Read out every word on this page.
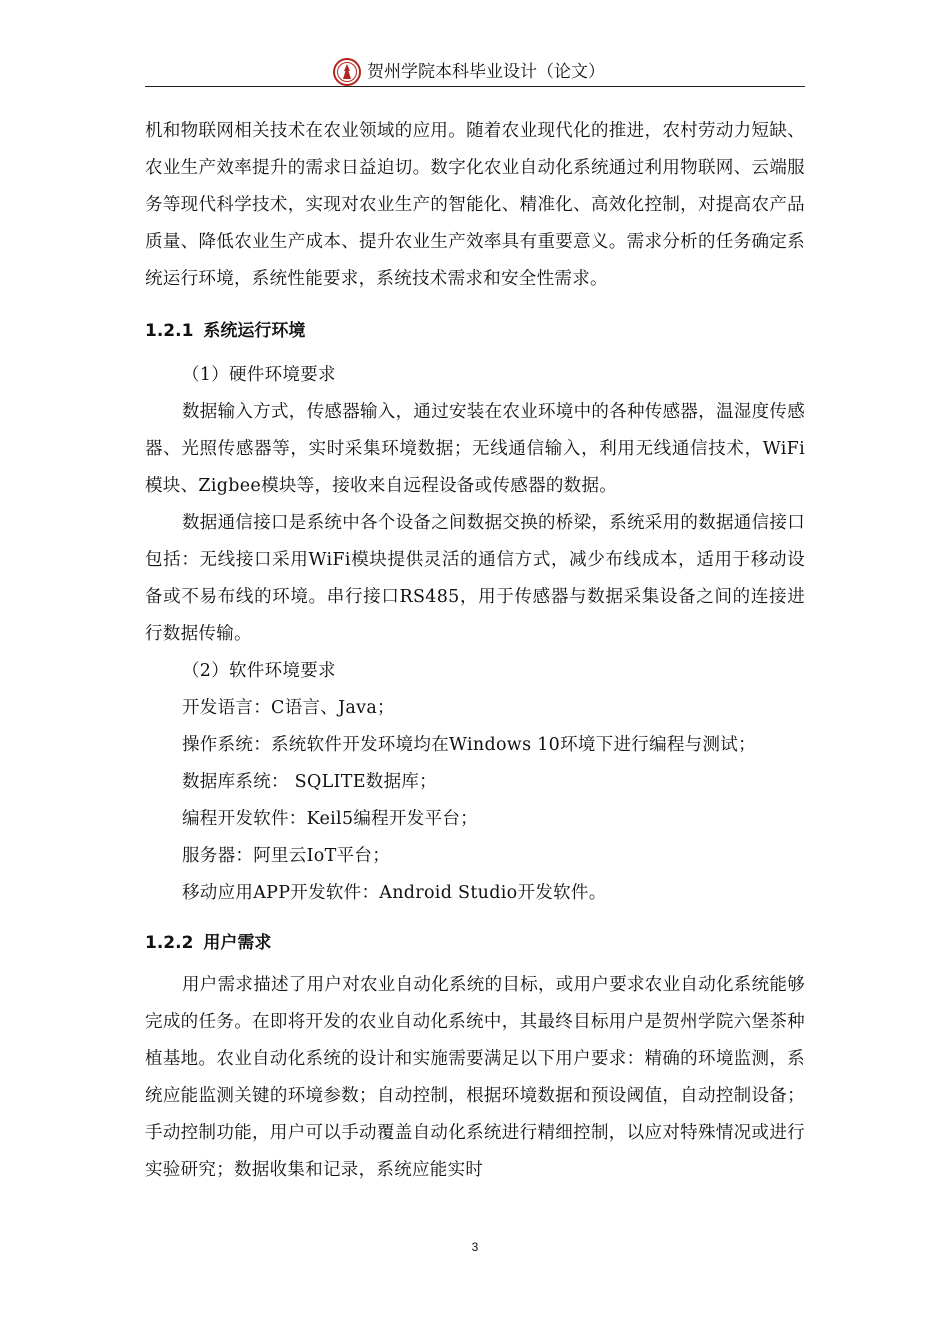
贺州学院本科毕业设计（论文）

机和物联网相关技术在农业领域的应用。随着农业现代化的推进，农村劳动力短缺、农业生产效率提升的需求日益迫切。数字化农业自动化系统通过利用物联网、云端服务等现代科学技术，实现对农业生产的智能化、精准化、高效化控制，对提高农产品质量、降低农业生产成本、提升农业生产效率具有重要意义。需求分析的任务确定系统运行环境，系统性能要求，系统技术需求和安全性需求。

1.2.1 系统运行环境

（1）硬件环境要求

数据输入方式，传感器输入，通过安装在农业环境中的各种传感器，温湿度传感器、光照传感器等，实时采集环境数据；无线通信输入，利用无线通信技术，WiFi模块、Zigbee模块等，接收来自远程设备或传感器的数据。

数据通信接口是系统中各个设备之间数据交换的桥梁，系统采用的数据通信接口包括：无线接口采用WiFi模块提供灵活的通信方式，减少布线成本，适用于移动设备或不易布线的环境。串行接口RS485，用于传感器与数据采集设备之间的连接进行数据传输。

（2）软件环境要求

开发语言：C语言、Java；

操作系统：系统软件开发环境均在Windows 10环境下进行编程与测试；

数据库系统： SQLITE数据库；

编程开发软件：Keil5编程开发平台；

服务器：阿里云IoT平台；

移动应用APP开发软件：Android Studio开发软件。

1.2.2 用户需求

用户需求描述了用户对农业自动化系统的目标，或用户要求农业自动化系统能够完成的任务。在即将开发的农业自动化系统中，其最终目标用户是贺州学院六堡茶种植基地。农业自动化系统的设计和实施需要满足以下用户要求：精确的环境监测，系统应能监测关键的环境参数；自动控制，根据环境数据和预设阈值，自动控制设备；手动控制功能，用户可以手动覆盖自动化系统进行精细控制，以应对特殊情况或进行实验研究；数据收集和记录，系统应能实时

3
